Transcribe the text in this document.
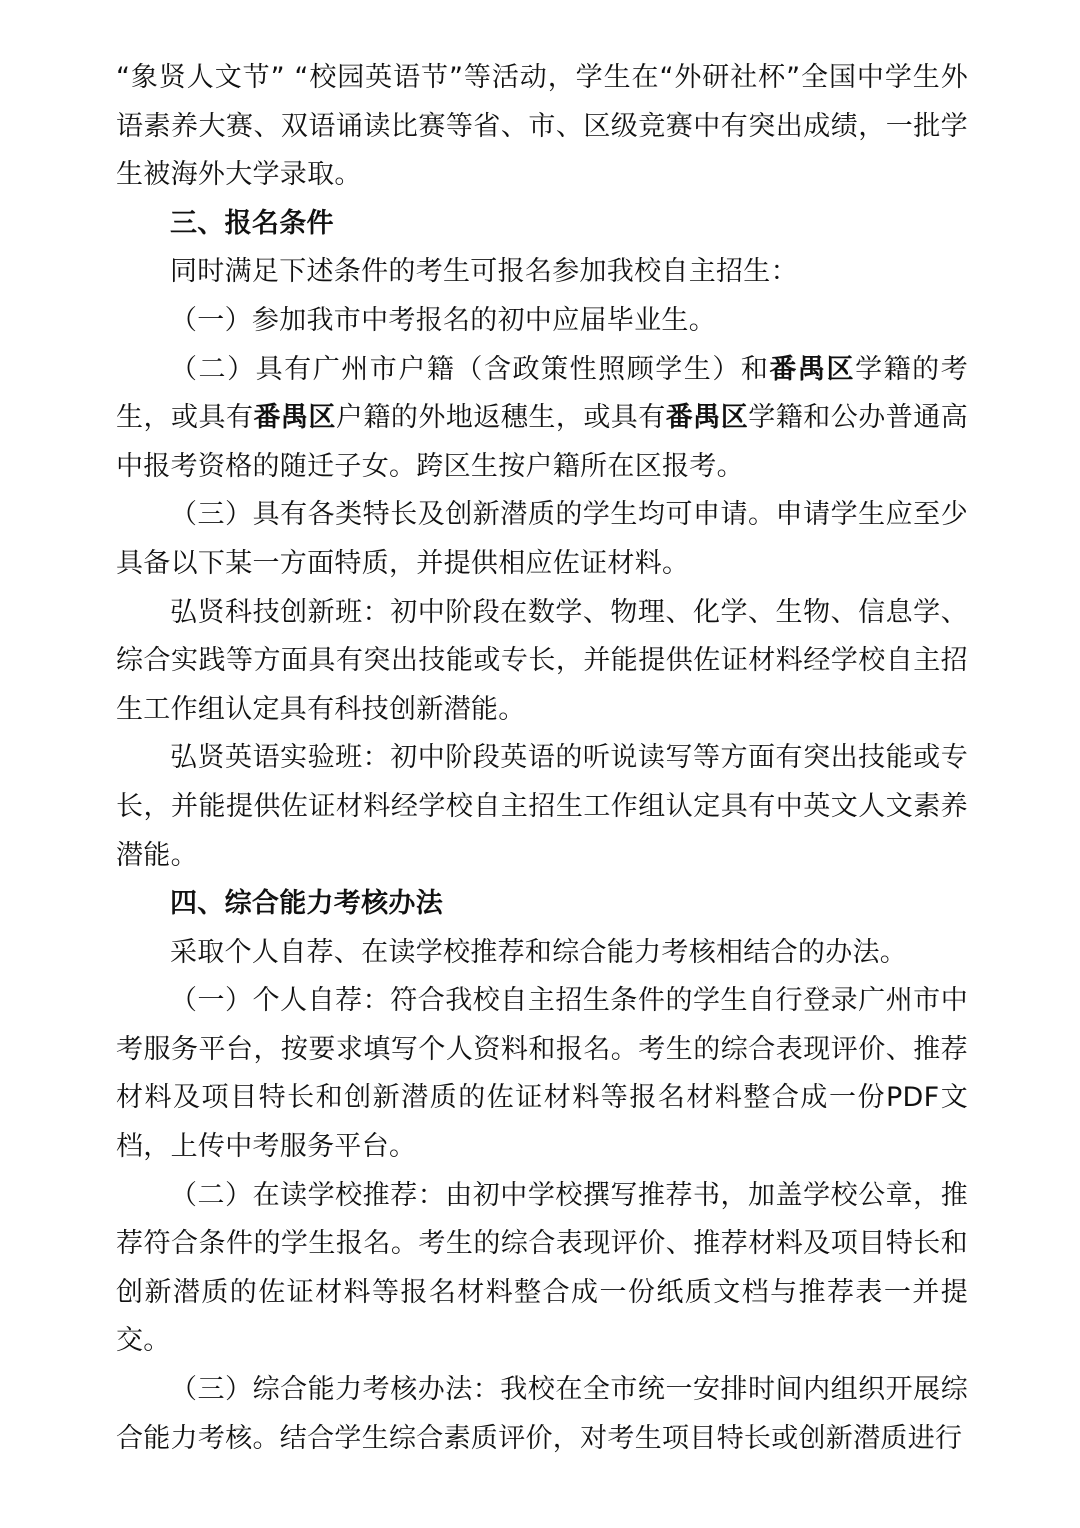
“象贤人文节” “校园英语节”等活动，学生在“外研社杯”全国中学生外语素养大赛、双语诵读比赛等省、市、区级竞赛中有突出成绩，一批学生被海外大学录取。

三、报名条件

同时满足下述条件的考生可报名参加我校自主招生：

（一）参加我市中考报名的初中应届毕业生。

（二）具有广州市户籍（含政策性照顾学生）和番禺区学籍的考生，或具有番禺区户籍的外地返穗生，或具有番禺区学籍和公办普通高中报考资格的随迁子女。跨区生按户籍所在区报考。

（三）具有各类特长及创新潜质的学生均可申请。申请学生应至少具备以下某一方面特质，并提供相应佐证材料。

弘贤科技创新班：初中阶段在数学、物理、化学、生物、信息学、综合实践等方面具有突出技能或专长，并能提供佐证材料经学校自主招生工作组认定具有科技创新潜能。

弘贤英语实验班：初中阶段英语的听说读写等方面有突出技能或专长，并能提供佐证材料经学校自主招生工作组认定具有中英文人文素养潜能。

四、综合能力考核办法

采取个人自荐、在读学校推荐和综合能力考核相结合的办法。

（一）个人自荐：符合我校自主招生条件的学生自行登录广州市中考服务平台，按要求填写个人资料和报名。考生的综合表现评价、推荐材料及项目特长和创新潜质的佐证材料等报名材料整合成一份PDF文档，上传中考服务平台。

（二）在读学校推荐：由初中学校撰写推荐书，加盖学校公章，推荐符合条件的学生报名。考生的综合表现评价、推荐材料及项目特长和创新潜质的佐证材料等报名材料整合成一份纸质文档与推荐表一并提交。

（三）综合能力考核办法：我校在全市统一安排时间内组织开展综合能力考核。结合学生综合素质评价，对考生项目特长或创新潜质进行
